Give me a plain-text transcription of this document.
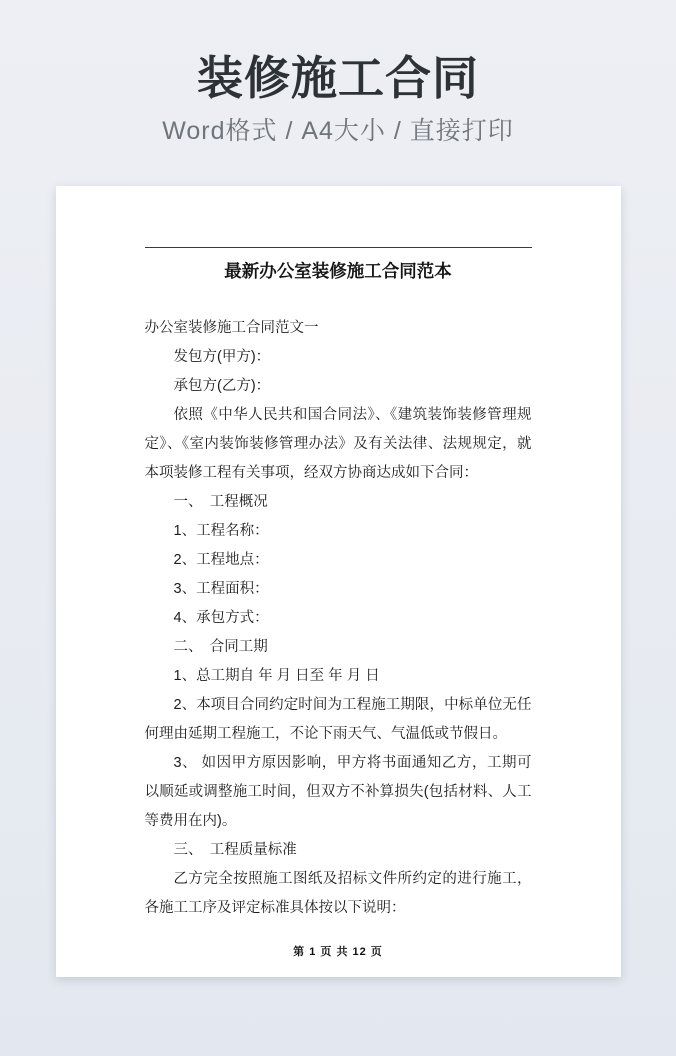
装修施工合同
Word格式 / A4大小 / 直接打印
最新办公室装修施工合同范本

办公室装修施工合同范文一

发包方(甲方)：

承包方(乙方)：

依照《中华人民共和国合同法》、《建筑装饰装修管理规定》、《室内装饰装修管理办法》及有关法律、法规规定，就本项装修工程有关事项，经双方协商达成如下合同：

一、　工程概况

1、工程名称：

2、工程地点：

3、工程面积：

4、承包方式：

二、　合同工期

1、总工期自 年 月 日至 年 月 日

2、本项目合同约定时间为工程施工期限，中标单位无任何理由延期工程施工，不论下雨天气、气温低或节假日。

3、 如因甲方原因影响，甲方将书面通知乙方，工期可以顺延或调整施工时间，但双方不补算损失(包括材料、人工等费用在内)。

三、　工程质量标准

乙方完全按照施工图纸及招标文件所约定的进行施工，各施工工序及评定标准具体按以下说明：

第 1 页 共 12 页
